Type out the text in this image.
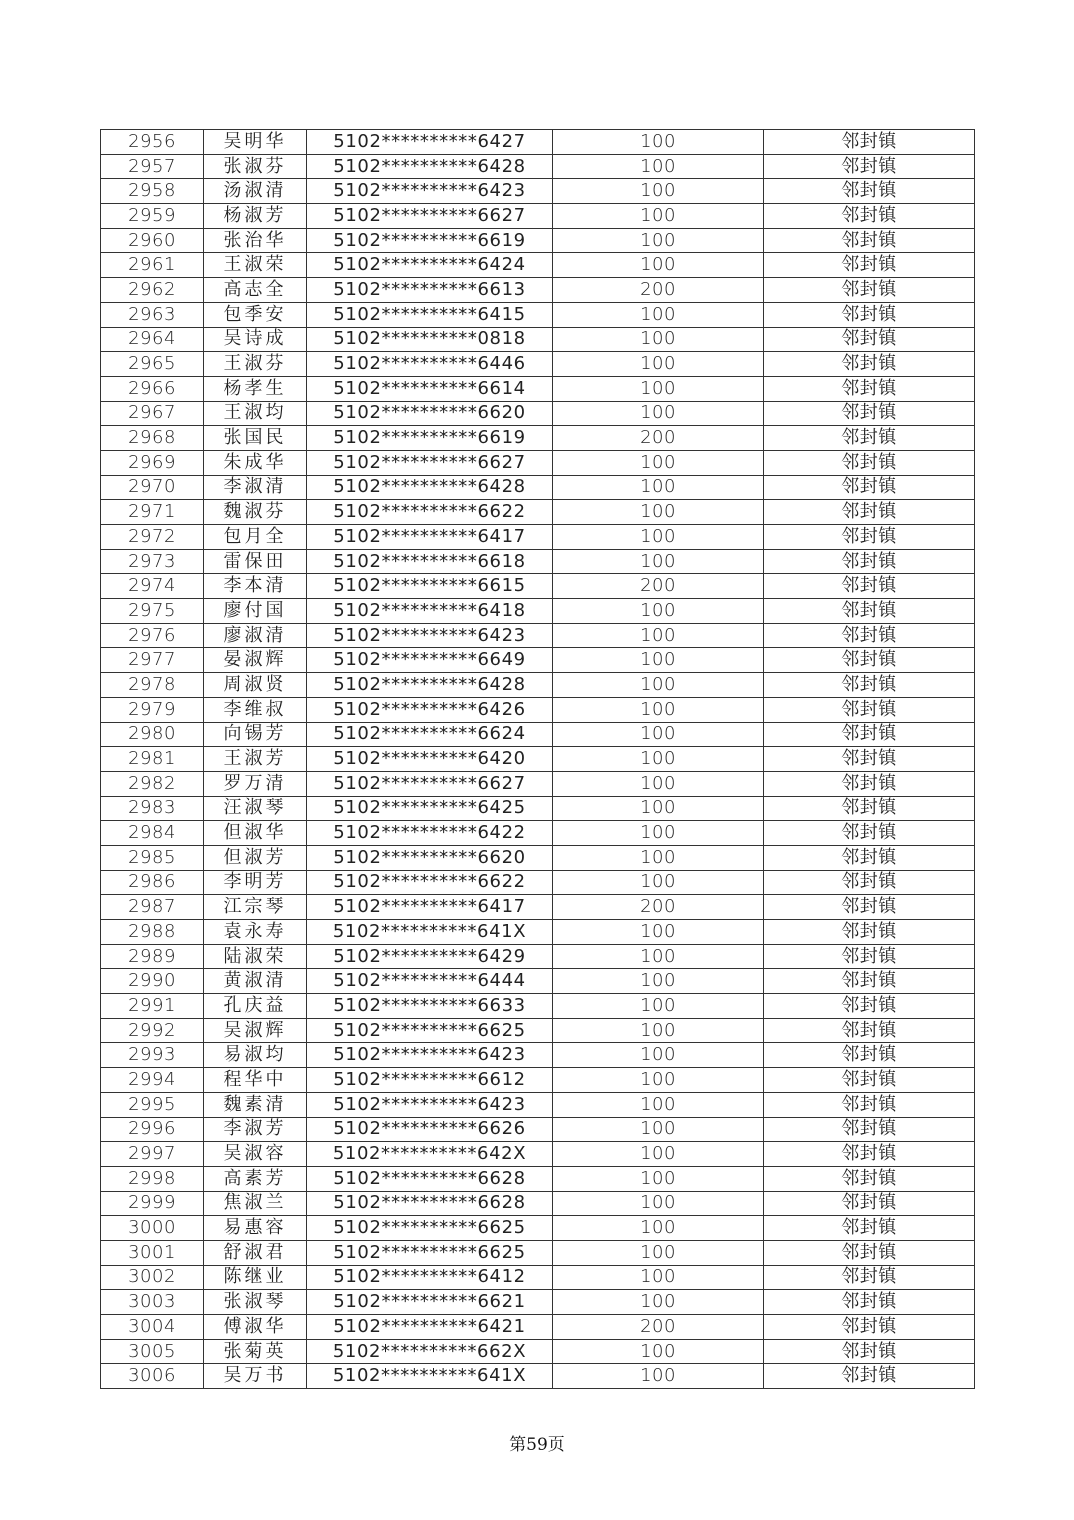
2956	吴明华	5102**********6427	100	邻封镇
2957	张淑芬	5102**********6428	100	邻封镇
2958	汤淑清	5102**********6423	100	邻封镇
2959	杨淑芳	5102**********6627	100	邻封镇
2960	张治华	5102**********6619	100	邻封镇
2961	王淑荣	5102**********6424	100	邻封镇
2962	高志全	5102**********6613	200	邻封镇
2963	包季安	5102**********6415	100	邻封镇
2964	吴诗成	5102**********0818	100	邻封镇
2965	王淑芬	5102**********6446	100	邻封镇
2966	杨孝生	5102**********6614	100	邻封镇
2967	王淑均	5102**********6620	100	邻封镇
2968	张国民	5102**********6619	200	邻封镇
2969	朱成华	5102**********6627	100	邻封镇
2970	李淑清	5102**********6428	100	邻封镇
2971	魏淑芬	5102**********6622	100	邻封镇
2972	包月全	5102**********6417	100	邻封镇
2973	雷保田	5102**********6618	100	邻封镇
2974	李本清	5102**********6615	200	邻封镇
2975	廖付国	5102**********6418	100	邻封镇
2976	廖淑清	5102**********6423	100	邻封镇
2977	晏淑辉	5102**********6649	100	邻封镇
2978	周淑贤	5102**********6428	100	邻封镇
2979	李维叔	5102**********6426	100	邻封镇
2980	向锡芳	5102**********6624	100	邻封镇
2981	王淑芳	5102**********6420	100	邻封镇
2982	罗万清	5102**********6627	100	邻封镇
2983	汪淑琴	5102**********6425	100	邻封镇
2984	但淑华	5102**********6422	100	邻封镇
2985	但淑芳	5102**********6620	100	邻封镇
2986	李明芳	5102**********6622	100	邻封镇
2987	江宗琴	5102**********6417	200	邻封镇
2988	袁永寿	5102**********641X	100	邻封镇
2989	陆淑荣	5102**********6429	100	邻封镇
2990	黄淑清	5102**********6444	100	邻封镇
2991	孔庆益	5102**********6633	100	邻封镇
2992	吴淑辉	5102**********6625	100	邻封镇
2993	易淑均	5102**********6423	100	邻封镇
2994	程华中	5102**********6612	100	邻封镇
2995	魏素清	5102**********6423	100	邻封镇
2996	李淑芳	5102**********6626	100	邻封镇
2997	吴淑容	5102**********642X	100	邻封镇
2998	高素芳	5102**********6628	100	邻封镇
2999	焦淑兰	5102**********6628	100	邻封镇
3000	易惠容	5102**********6625	100	邻封镇
3001	舒淑君	5102**********6625	100	邻封镇
3002	陈继业	5102**********6412	100	邻封镇
3003	张淑琴	5102**********6621	100	邻封镇
3004	傅淑华	5102**********6421	200	邻封镇
3005	张菊英	5102**********662X	100	邻封镇
3006	吴万书	5102**********641X	100	邻封镇
第59页
